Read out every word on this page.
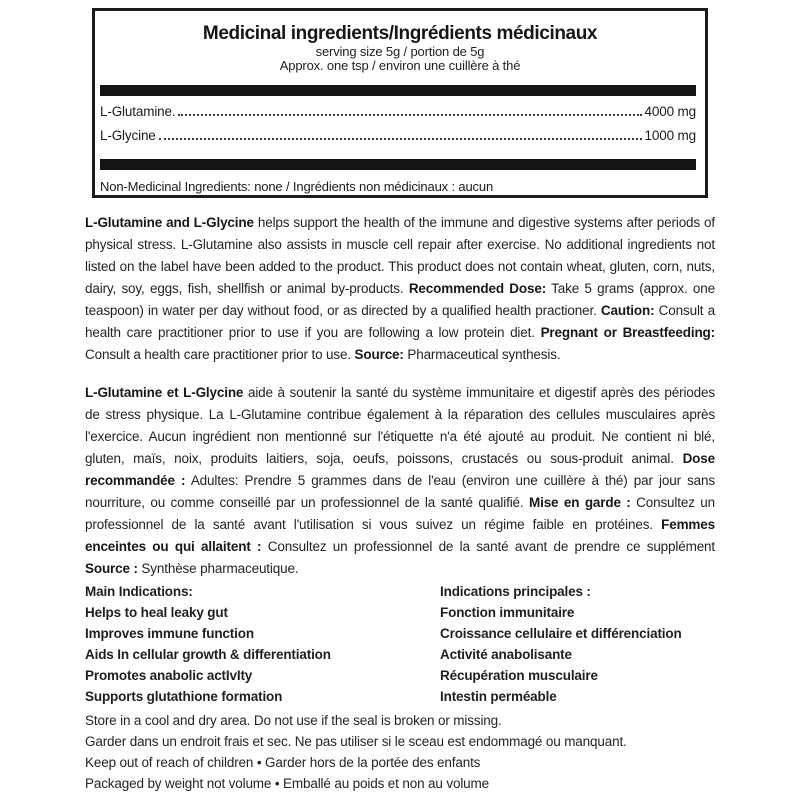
Medicinal ingredients/Ingrédients médicinaux
serving size 5g / portion de 5g
Approx. one tsp / environ une cuillère à thé
L-Glutamine.	4000 mg
L-Glycine	1000 mg
Non-Medicinal Ingredients: none / Ingrédients non médicinaux : aucun
L-Glutamine and L-Glycine helps support the health of the immune and digestive systems after periods of physical stress. L-Glutamine also assists in muscle cell repair after exercise. No additional ingredients not listed on the label have been added to the product. This product does not contain wheat, gluten, corn, nuts, dairy, soy, eggs, fish, shellfish or animal by-products. Recommended Dose: Take 5 grams (approx. one teaspoon) in water per day without food, or as directed by a qualified health practioner. Caution: Consult a health care practitioner prior to use if you are following a low protein diet. Pregnant or Breastfeeding: Consult a health care practitioner prior to use. Source: Pharmaceutical synthesis.
L-Glutamine et L-Glycine aide à soutenir la santé du système immunitaire et digestif après des périodes de stress physique. La L-Glutamine contribue également à la réparation des cellules musculaires après l'exercice. Aucun ingrédient non mentionné sur l'étiquette n'a été ajouté au produit. Ne contient ni blé, gluten, maïs, noix, produits laitiers, soja, oeufs, poissons, crustacés ou sous-produit animal. Dose recommandée : Adultes: Prendre 5 grammes dans de l'eau (environ une cuillère à thé) par jour sans nourriture, ou comme conseillé par un professionnel de la santé qualifié. Mise en garde : Consultez un professionnel de la santé avant l'utilisation si vous suivez un régime faible en protéines. Femmes enceintes ou qui allaitent : Consultez un professionnel de la santé avant de prendre ce supplément Source : Synthèse pharmaceutique.
Main Indications:
Helps to heal leaky gut
Improves immune function
Aids In cellular growth & differentiation
Promotes anabolic actIvIty
Supports glutathione formation
Indications principales :
Fonction immunitaire
Croissance cellulaire et différenciation
Activité anabolisante
Récupération musculaire
Intestin perméable
Store in a cool and dry area. Do not use if the seal is broken or missing.
Garder dans un endroit frais et sec. Ne pas utiliser si le sceau est endommagé ou manquant.
Keep out of reach of children • Garder hors de la portée des enfants
Packaged by weight not volume • Emballé au poids et non au volume
